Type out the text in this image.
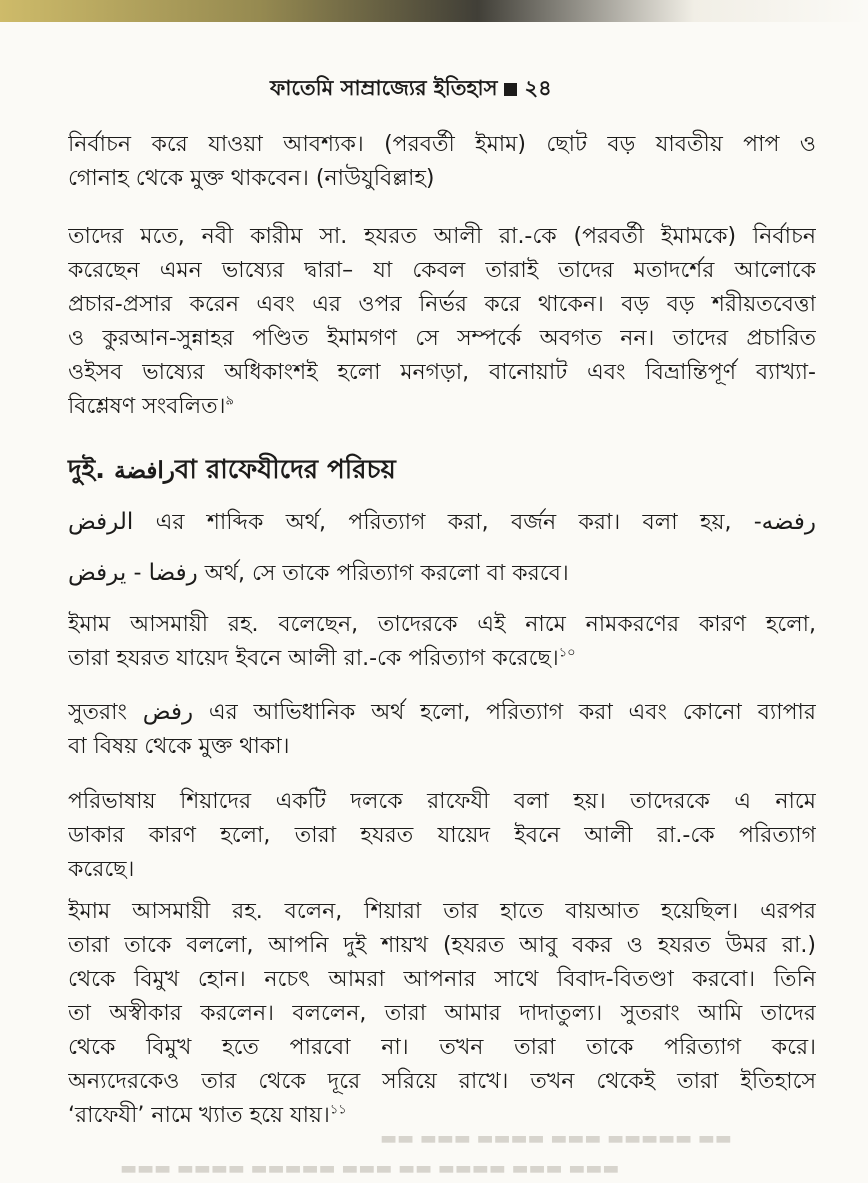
ফাতেমি সাম্রাজ্যের ইতিহাস ২৪
নির্বাচন করে যাওয়া আবশ্যক। (পরবর্তী ইমাম) ছোট বড় যাবতীয় পাপ ও
গোনাহ থেকে মুক্ত থাকবেন। (নাউযুবিল্লাহ)
তাদের মতে, নবী কারীম সা. হযরত আলী রা.-কে (পরবর্তী ইমামকে) নির্বাচন
করেছেন এমন ভাষ্যের দ্বারা– যা কেবল তারাই তাদের মতাদর্শের আলোকে
প্রচার-প্রসার করেন এবং এর ওপর নির্ভর করে থাকেন। বড় বড় শরীয়তবেত্তা
ও কুরআন-সুন্নাহর পণ্ডিত ইমামগণ সে সম্পর্কে অবগত নন। তাদের প্রচারিত
ওইসব ভাষ্যের অধিকাংশই হলো মনগড়া, বানোয়াট এবং বিভ্রান্তিপূর্ণ ব্যাখ্যা-
বিশ্লেষণ সংবলিত।$^৯$
দুই. رافضةবা রাফেযীদের পরিচয়
الرفض এর শাব্দিক অর্থ, পরিত্যাগ করা, বর্জন করা। বলা হয়, رفضه-
رفضا - يرفض অর্থ, সে তাকে পরিত্যাগ করলো বা করবে।
ইমাম আসমায়ী রহ. বলেছেন, তাদেরকে এই নামে নামকরণের কারণ হলো,
তারা হযরত যায়েদ ইবনে আলী রা.-কে পরিত্যাগ করেছে।$^{১০}$
সুতরাং رفض এর আভিধানিক অর্থ হলো, পরিত্যাগ করা এবং কোনো ব্যাপার
বা বিষয় থেকে মুক্ত থাকা।
পরিভাষায় শিয়াদের একটি দলকে রাফেযী বলা হয়। তাদেরকে এ নামে
ডাকার কারণ হলো, তারা হযরত যায়েদ ইবনে আলী রা.-কে পরিত্যাগ
করেছে।
ইমাম আসমায়ী রহ. বলেন, শিয়ারা তার হাতে বায়আত হয়েছিল। এরপর
তারা তাকে বললো, আপনি দুই শায়খ (হযরত আবু বকর ও হযরত উমর রা.)
থেকে বিমুখ হোন। নচেৎ আমরা আপনার সাথে বিবাদ-বিতণ্ডা করবো। তিনি
তা অস্বীকার করলেন। বললেন, তারা আমার দাদাতুল্য। সুতরাং আমি তাদের
থেকে বিমুখ হতে পারবো না। তখন তারা তাকে পরিত্যাগ করে।
অন্যদেরকেও তার থেকে দূরে সরিয়ে রাখে। তখন থেকেই তারা ইতিহাসে
‘রাফেযী’ নামে খ্যাত হয়ে যায়।$^{১১}$
▬▬ ▬▬▬ ▬▬▬▬ ▬▬▬ ▬▬▬▬▬ ▬▬
▬▬▬ ▬▬▬▬ ▬▬▬▬▬ ▬▬▬ ▬▬ ▬▬▬▬ ▬▬▬ ▬▬▬
